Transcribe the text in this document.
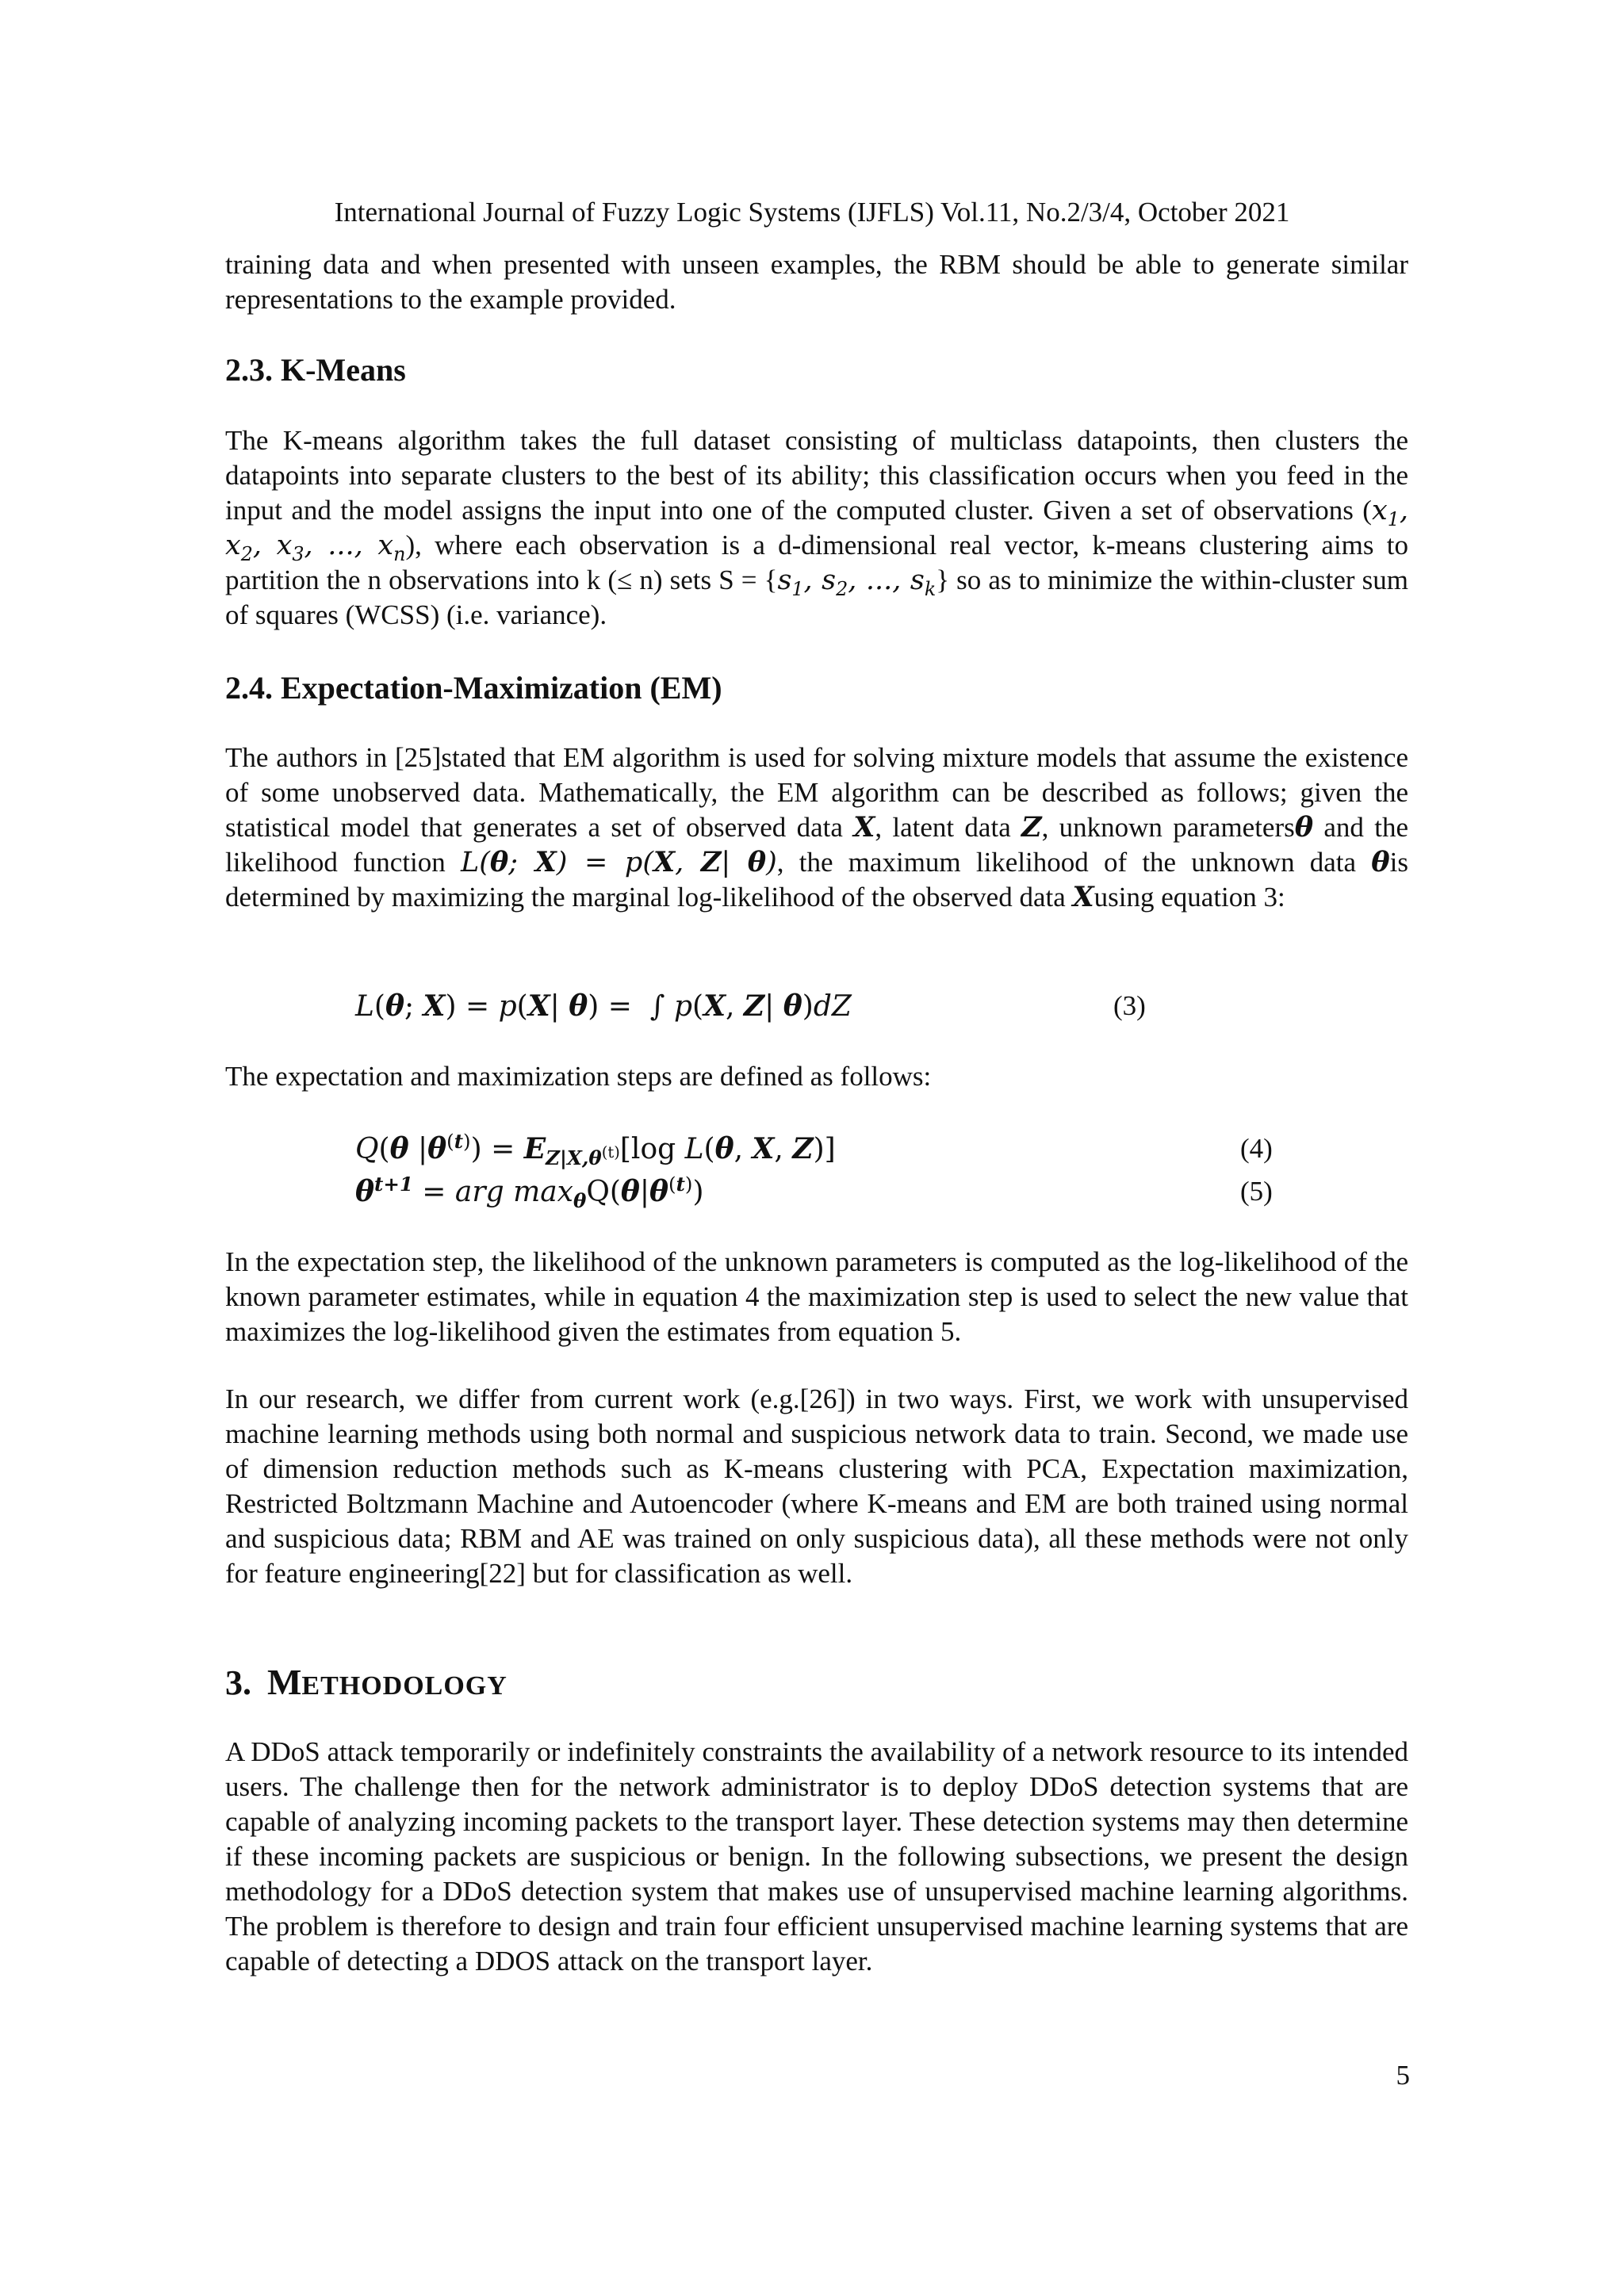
International Journal of Fuzzy Logic Systems (IJFLS) Vol.11, No.2/3/4, October 2021

training data and when presented with unseen examples, the RBM should be able to generate similar representations to the example provided.

2.3. K-Means

The K-means algorithm takes the full dataset consisting of multiclass datapoints, then clusters the datapoints into separate clusters to the best of its ability; this classification occurs when you feed in the input and the model assigns the input into one of the computed cluster. Given a set of observations ($x_1$, $x_2$, $x_3$, ..., $x_n$), where each observation is a d-dimensional real vector, k-means clustering aims to partition the n observations into k (≤ n) sets $S = \{s_1$, $s_2$, ..., $s_k$} so as to minimize the within-cluster sum of squares (WCSS) (i.e. variance).

2.4. Expectation-Maximization (EM)

The authors in [25]stated that EM algorithm is used for solving mixture models that assume the existence of some unobserved data. Mathematically, the EM algorithm can be described as follows; given the statistical model that generates a set of observed data X, latent data Z, unknown parametersθ and the likelihood function L(θ; X) = p(X, Z| θ), the maximum likelihood of the unknown data θis determined by maximizing the marginal log-likelihood of the observed data Xusing equation 3:

L(θ; X) = p(X| θ) =  ∫ p(X, Z| θ)dZ	(3)

The expectation and maximization steps are defined as follows:

Q(θ $|\theta^{(t)}) = E_{Z|X,\theta^{(t)}}[\log$ L(θ, X, Z)]	(4)
$\theta^{t+1}$ = arg $\max_\theta Q(\theta|\theta^{(t)})$	(5)

In the expectation step, the likelihood of the unknown parameters is computed as the log-likelihood of the known parameter estimates, while in equation 4 the maximization step is used to select the new value that maximizes the log-likelihood given the estimates from equation 5.

In our research, we differ from current work (e.g.[26]) in two ways. First, we work with unsupervised machine learning methods using both normal and suspicious network data to train. Second, we made use of dimension reduction methods such as K-means clustering with PCA, Expectation maximization, Restricted Boltzmann Machine and Autoencoder (where K-means and EM are both trained using normal and suspicious data; RBM and AE was trained on only suspicious data), all these methods were not only for feature engineering[22] but for classification as well.

3. METHODOLOGY

A DDoS attack temporarily or indefinitely constraints the availability of a network resource to its intended users. The challenge then for the network administrator is to deploy DDoS detection systems that are capable of analyzing incoming packets to the transport layer. These detection systems may then determine if these incoming packets are suspicious or benign. In the following subsections, we present the design methodology for a DDoS detection system that makes use of unsupervised machine learning algorithms. The problem is therefore to design and train four efficient unsupervised machine learning systems that are capable of detecting a DDOS attack on the transport layer.

5
